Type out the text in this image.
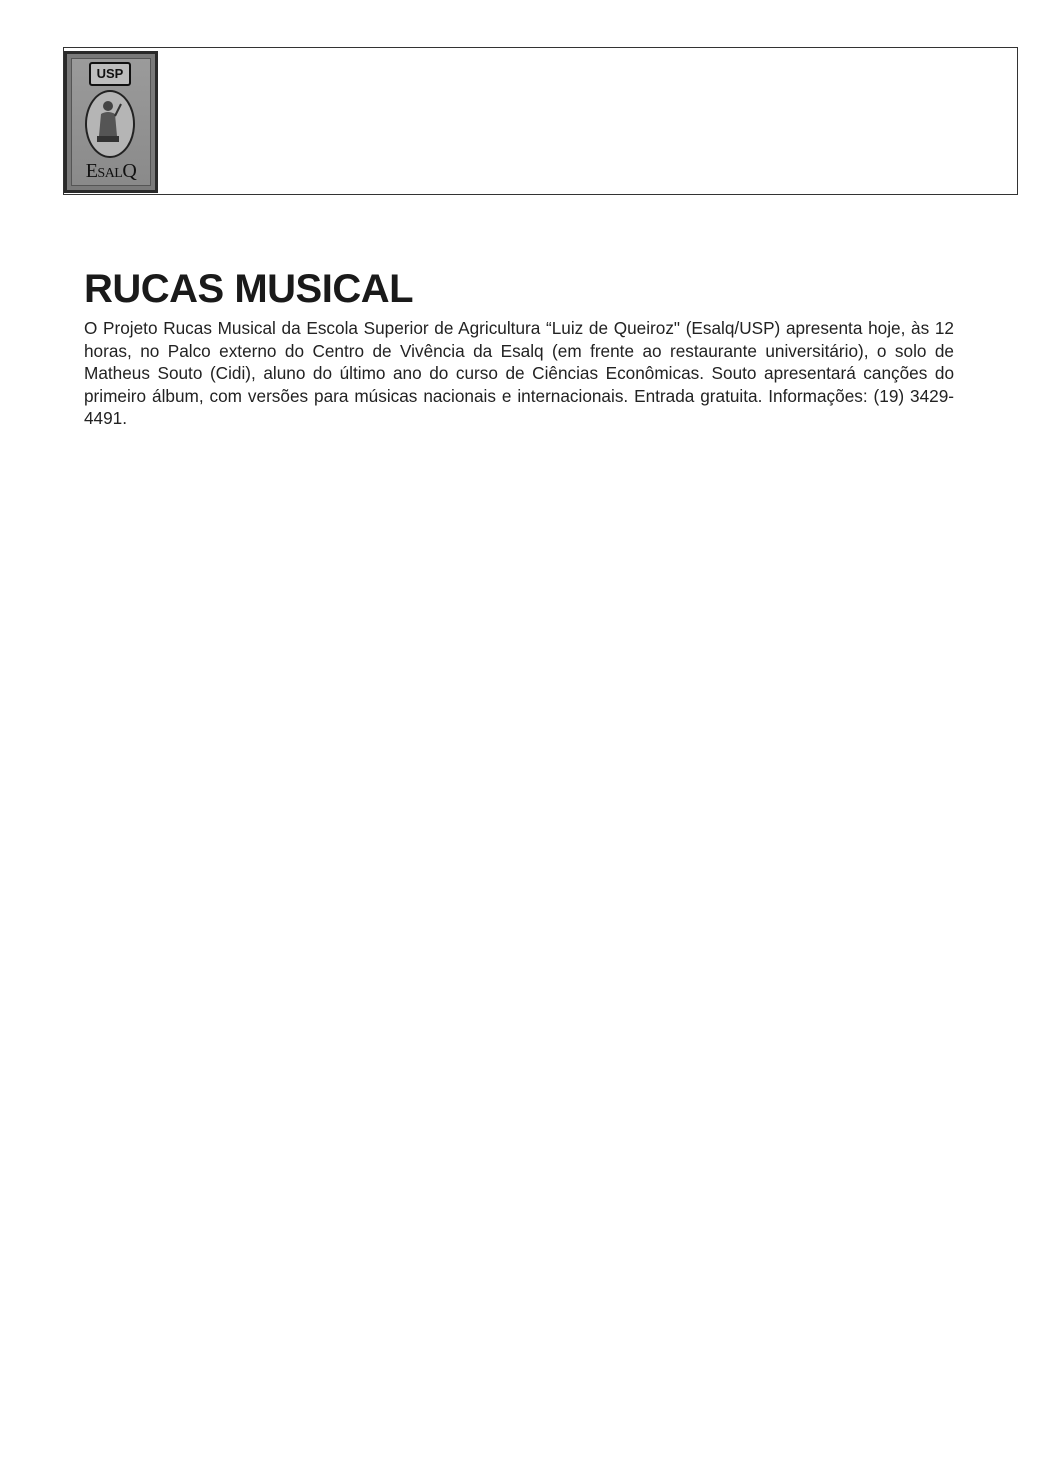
USP
ESALQ
RUCAS MUSICAL

O Projeto Rucas Musical da Escola Superior de Agricultura “Luiz de Queiroz" (Esalq/USP) apresenta hoje, às 12 horas, no Palco externo do Centro de Vivência da Esalq (em frente ao restaurante universitário), o solo de Matheus Souto (Cidi), aluno do último ano do curso de Ciências Econômicas. Souto apresentará canções do primeiro álbum, com versões para músicas nacionais e internacionais. Entrada gratuita. Informações: (19) 3429-4491.
